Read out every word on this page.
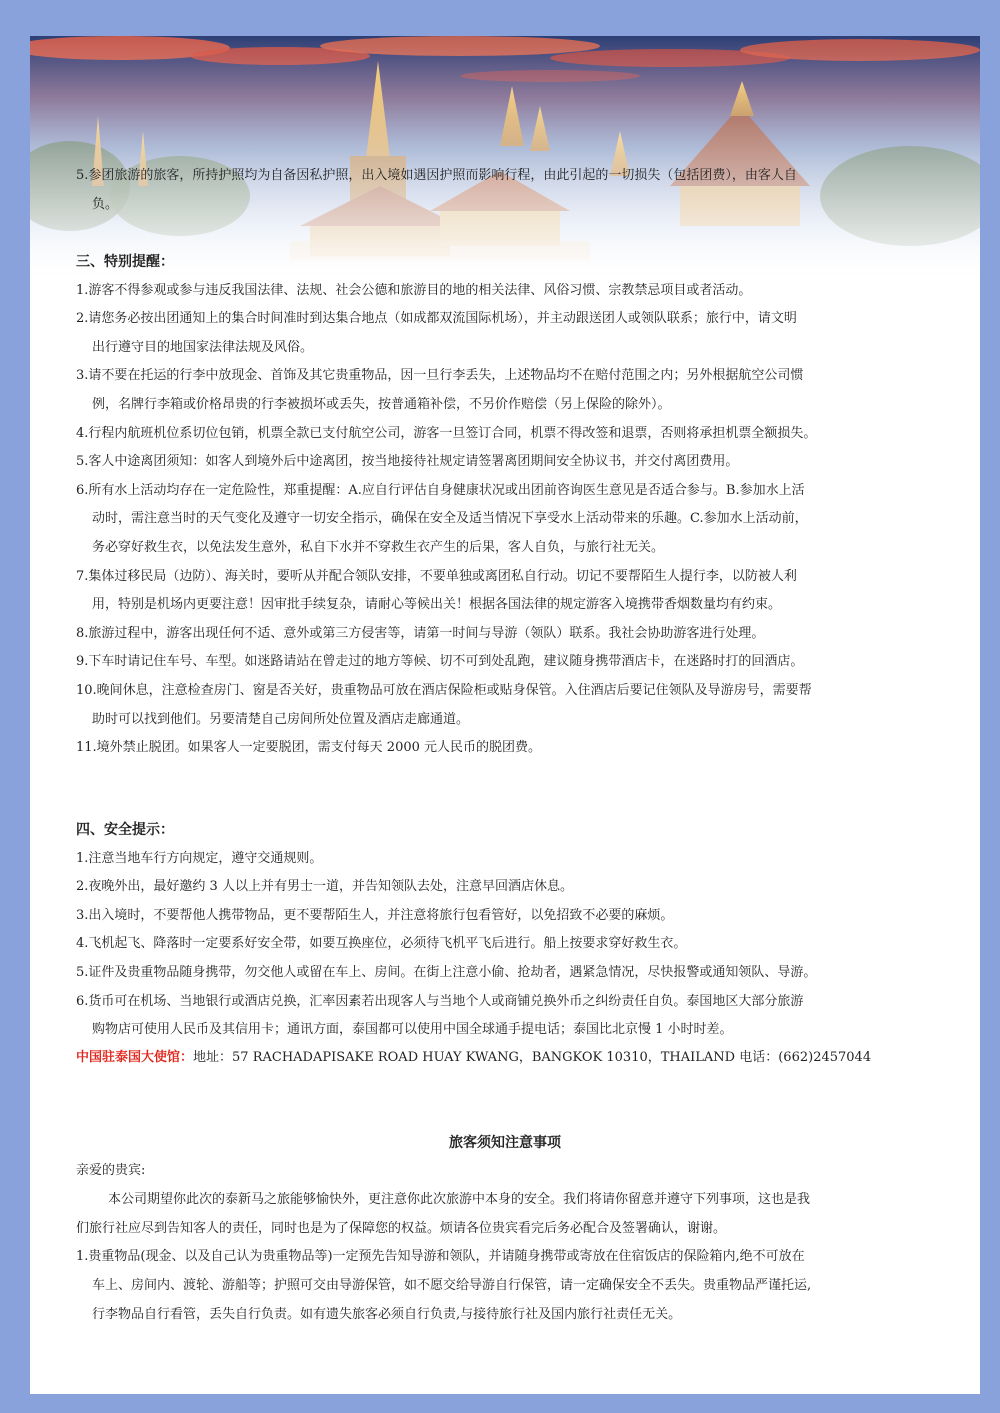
5.参团旅游的旅客，所持护照均为自备因私护照，出入境如遇因护照而影响行程，由此引起的一切损失（包括团费），由客人自
负。
三、特别提醒：
1.游客不得参观或参与违反我国法律、法规、社会公德和旅游目的地的相关法律、风俗习惯、宗教禁忌项目或者活动。
2.请您务必按出团通知上的集合时间准时到达集合地点（如成都双流国际机场），并主动跟送团人或领队联系；旅行中，请文明
出行遵守目的地国家法律法规及风俗。
3.请不要在托运的行李中放现金、首饰及其它贵重物品，因一旦行李丢失，上述物品均不在赔付范围之内；另外根据航空公司惯
例，名牌行李箱或价格昂贵的行李被损坏或丢失，按普通箱补偿，不另价作赔偿（另上保险的除外）。
4.行程内航班机位系切位包销，机票全款已支付航空公司，游客一旦签订合同，机票不得改签和退票，否则将承担机票全额损失。
5.客人中途离团须知：如客人到境外后中途离团，按当地接待社规定请签署离团期间安全协议书，并交付离团费用。
6.所有水上活动均存在一定危险性，郑重提醒：A.应自行评估自身健康状况或出团前咨询医生意见是否适合参与。B.参加水上活
动时，需注意当时的天气变化及遵守一切安全指示，确保在安全及适当情况下享受水上活动带来的乐趣。C.参加水上活动前，
务必穿好救生衣，以免法发生意外，私自下水并不穿救生衣产生的后果，客人自负，与旅行社无关。
7.集体过移民局（边防）、海关时，要听从并配合领队安排，不要单独或离团私自行动。切记不要帮陌生人提行李，以防被人利
用，特别是机场内更要注意！因审批手续复杂，请耐心等候出关！根据各国法律的规定游客入境携带香烟数量均有约束。
8.旅游过程中，游客出现任何不适、意外或第三方侵害等，请第一时间与导游（领队）联系。我社会协助游客进行处理。
9.下车时请记住车号、车型。如迷路请站在曾走过的地方等候、切不可到处乱跑，建议随身携带酒店卡，在迷路时打的回酒店。
10.晚间休息，注意检查房门、窗是否关好，贵重物品可放在酒店保险柜或贴身保管。入住酒店后要记住领队及导游房号，需要帮
助时可以找到他们。另要清楚自己房间所处位置及酒店走廊通道。
11.境外禁止脱团。如果客人一定要脱团，需支付每天 2000 元人民币的脱团费。
四、安全提示：
1.注意当地车行方向规定，遵守交通规则。
2.夜晚外出，最好邀约 3 人以上并有男士一道，并告知领队去处，注意早回酒店休息。
3.出入境时，不要帮他人携带物品，更不要帮陌生人，并注意将旅行包看管好，以免招致不必要的麻烦。
4.飞机起飞、降落时一定要系好安全带，如要互换座位，必须待飞机平飞后进行。船上按要求穿好救生衣。
5.证件及贵重物品随身携带，勿交他人或留在车上、房间。在街上注意小偷、抢劫者，遇紧急情况，尽快报警或通知领队、导游。
6.货币可在机场、当地银行或酒店兑换，汇率因素若出现客人与当地个人或商铺兑换外币之纠纷责任自负。泰国地区大部分旅游
购物店可使用人民币及其信用卡；通讯方面，泰国都可以使用中国全球通手提电话；泰国比北京慢 1 小时时差。
中国驻泰国大使馆：地址：57 RACHADAPISAKE ROAD HUAY KWANG，BANGKOK 10310，THAILAND 电话：(662)2457044
旅客须知注意事项
亲爱的贵宾:
本公司期望你此次的泰新马之旅能够愉快外，更注意你此次旅游中本身的安全。我们将请你留意并遵守下列事项，这也是我
们旅行社应尽到告知客人的责任，同时也是为了保障您的权益。烦请各位贵宾看完后务必配合及签署确认，谢谢。
1.贵重物品(现金、以及自己认为贵重物品等)一定预先告知导游和领队，并请随身携带或寄放在住宿饭店的保险箱内,绝不可放在
车上、房间内、渡轮、游船等；护照可交由导游保管，如不愿交给导游自行保管，请一定确保安全不丢失。贵重物品严谨托运,
行李物品自行看管，丢失自行负责。如有遗失旅客必须自行负责,与接待旅行社及国内旅行社责任无关。
